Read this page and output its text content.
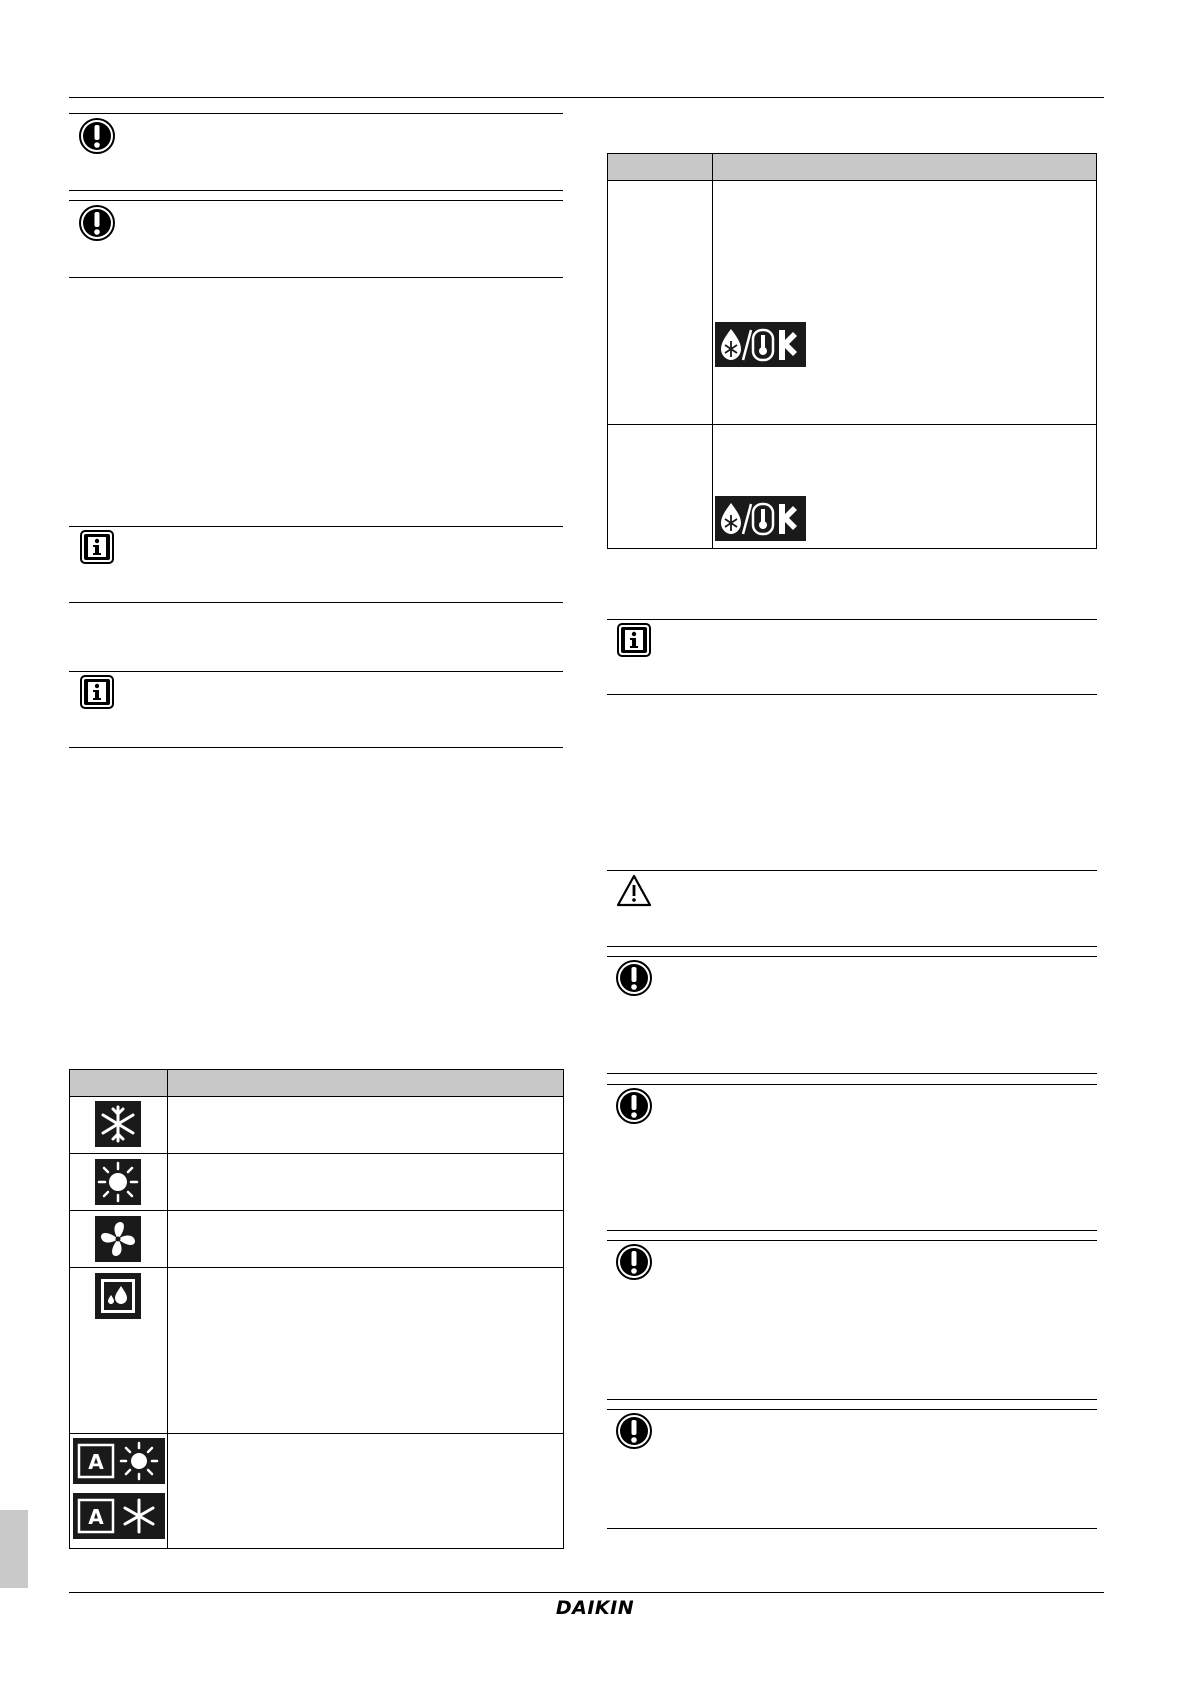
A
A
DAIKIN
